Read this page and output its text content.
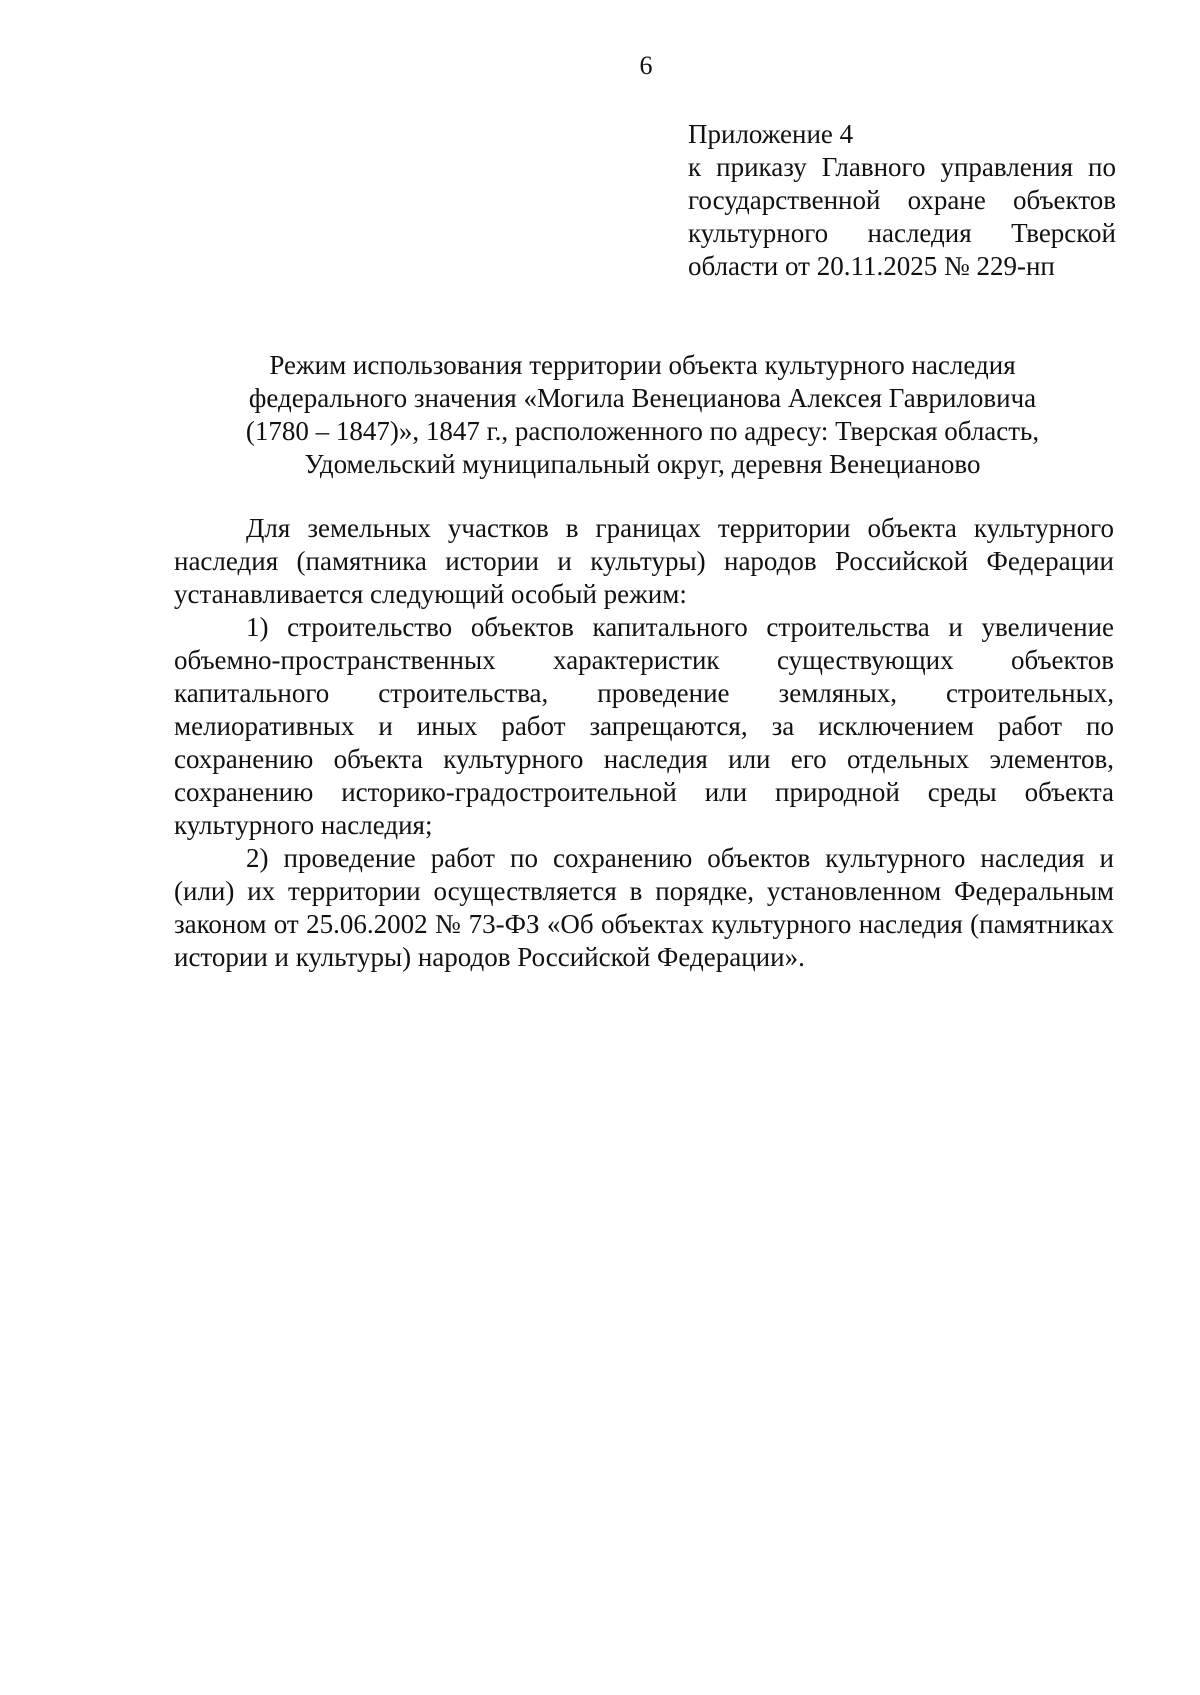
6
Приложение 4
к приказу Главного управления по
государственной охране объектов
культурного наследия Тверской
области от 20.11.2025 № 229-нп
Режим использования территории объекта культурного наследия
федерального значения «Могила Венецианова Алексея Гавриловича
(1780 – 1847)», 1847 г., расположенного по адресу: Тверская область,
Удомельский муниципальный округ, деревня Венецианово

Для земельных участков в границах территории объекта культурного наследия (памятника истории и культуры) народов Российской Федерации устанавливается следующий особый режим:

1) строительство объектов капитального строительства и увеличение объемно-пространственных характеристик существующих объектов капитального строительства, проведение земляных, строительных, мелиоративных и иных работ запрещаются, за исключением работ по сохранению объекта культурного наследия или его отдельных элементов, сохранению историко-градостроительной или природной среды объекта культурного наследия;

2) проведение работ по сохранению объектов культурного наследия и (или) их территории осуществляется в порядке, установленном Федеральным законом от 25.06.2002 № 73-ФЗ «Об объектах культурного наследия (памятниках истории и культуры) народов Российской Федерации».
